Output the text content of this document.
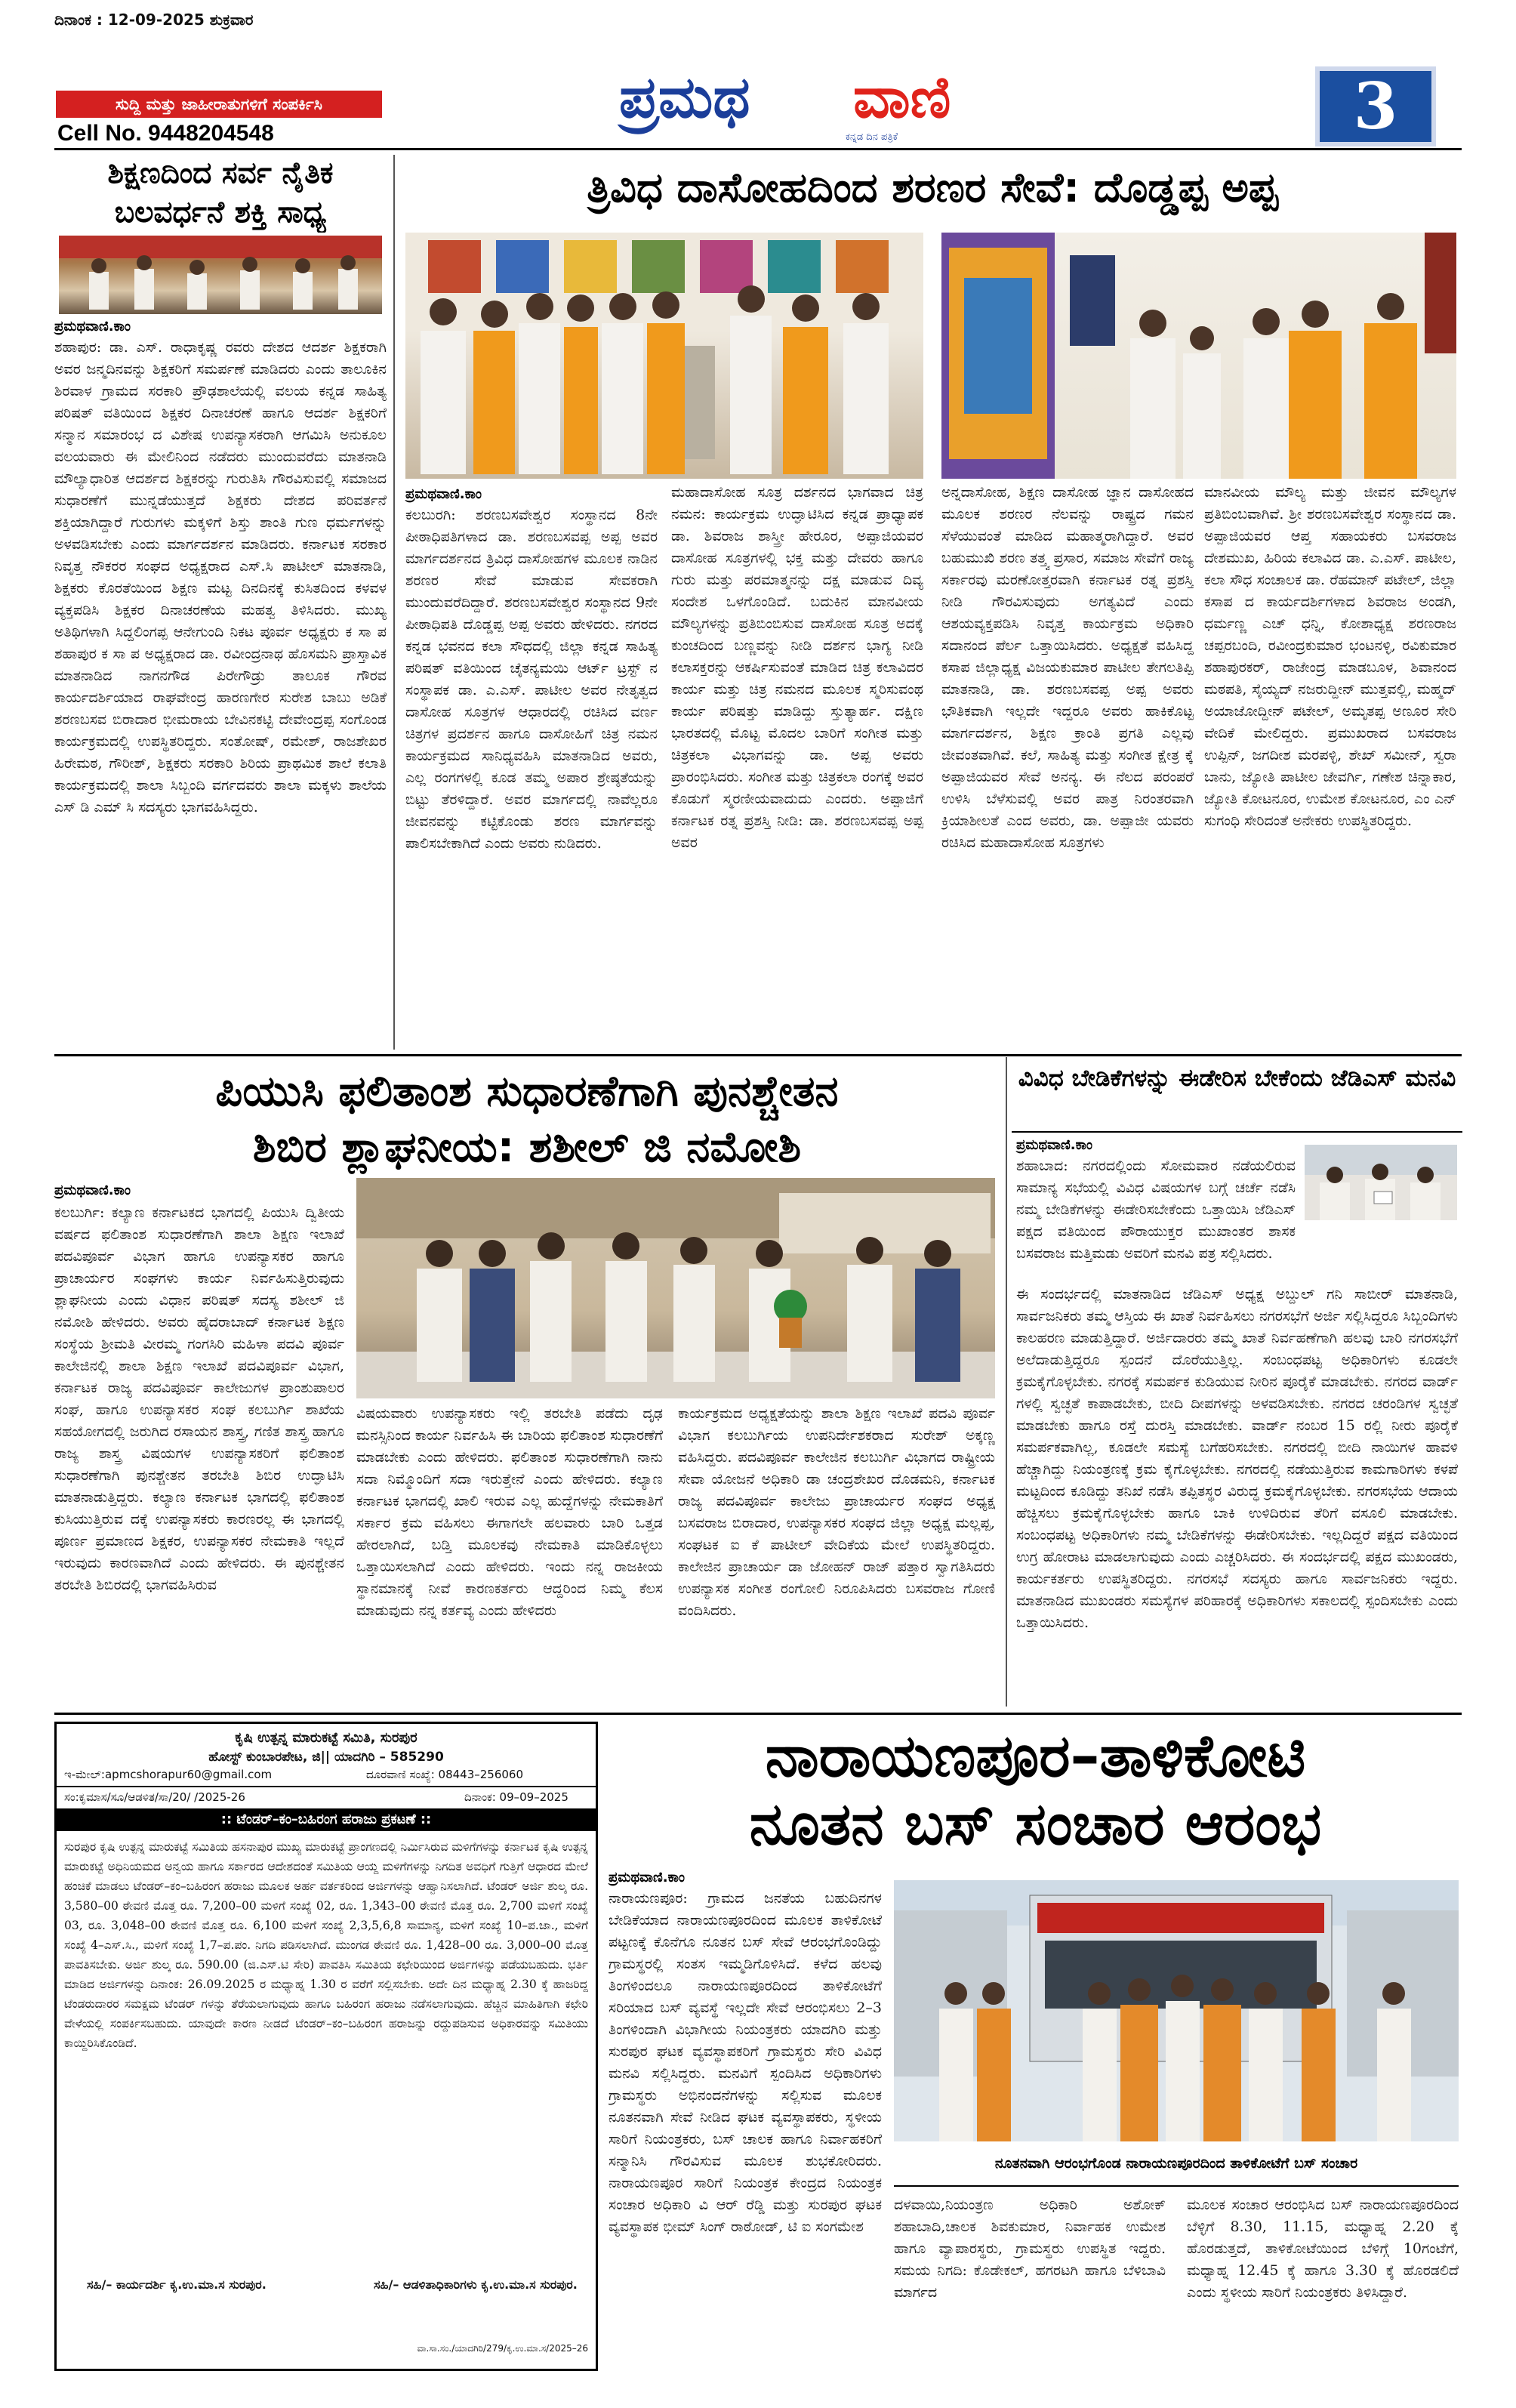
ದಿನಾಂಕ : 12-09-2025 ಶುಕ್ರವಾರ
ಸುದ್ದಿ ಮತ್ತು ಜಾಹೀರಾತುಗಳಿಗೆ ಸಂಪರ್ಕಿಸಿ
Cell No. 9448204548
ಪ್ರಮಥ ವಾಣಿ
ಕನ್ನಡ ದಿನ ಪತ್ರಿಕೆ	3
ಶಿಕ್ಷಣದಿಂದ ಸರ್ವ ನೈತಿಕ ಬಲವರ್ಧನೆ ಶಕ್ತಿ ಸಾಧ್ಯ
ಪ್ರಮಥವಾಣಿ.ಕಾಂ
ಶಹಾಪುರ: ಡಾ. ಎಸ್. ರಾಧಾಕೃಷ್ಣ ರವರು ದೇಶದ ಆದರ್ಶ ಶಿಕ್ಷಕರಾಗಿ ಅವರ ಜನ್ಮದಿನವನ್ನು ಶಿಕ್ಷಕರಿಗೆ ಸಮರ್ಪಣೆ ಮಾಡಿದರು ಎಂದು ತಾಲೂಕಿನ ಶಿರವಾಳ ಗ್ರಾಮದ ಸರಕಾರಿ ಪ್ರೌಢಶಾಲೆಯಲ್ಲಿ ವಲಯ ಕನ್ನಡ ಸಾಹಿತ್ಯ ಪರಿಷತ್ ವತಿಯಿಂದ ಶಿಕ್ಷಕರ ದಿನಾಚರಣೆ ಹಾಗೂ ಆದರ್ಶ ಶಿಕ್ಷಕರಿಗೆ ಸನ್ಮಾನ ಸಮಾರಂಭ ದ ವಿಶೇಷ ಉಪನ್ಯಾಸಕರಾಗಿ ಆಗಮಿಸಿ ಅನುಕೂಲ ವಲಯವಾರು ಈ ಮೇಲಿನಿಂದ ನಡೆದರು ಮುಂದುವರೆದು ಮಾತನಾಡಿ ಮೌಲ್ಯಾಧಾರಿತ ಆದರ್ಶದ ಶಿಕ್ಷಕರನ್ನು ಗುರುತಿಸಿ ಗೌರವಿಸುವಲ್ಲಿ ಸಮಾಜದ ಸುಧಾರಣೆಗೆ ಮುನ್ನಡೆಯುತ್ತದೆ ಶಿಕ್ಷಕರು ದೇಶದ ಪರಿವರ್ತನೆ ಶಕ್ತಿಯಾಗಿದ್ದಾರೆ ಗುರುಗಳು ಮಕ್ಕಳಿಗೆ ಶಿಸ್ತು ಶಾಂತಿ ಗುಣ ಧರ್ಮಗಳನ್ನು ಅಳವಡಿಸಬೇಕು ಎಂದು ಮಾರ್ಗದರ್ಶನ ಮಾಡಿದರು. ಕರ್ನಾಟಕ ಸರಕಾರ ನಿವೃತ್ತ ನೌಕರರ ಸಂಘದ ಅಧ್ಯಕ್ಷರಾದ ಎಸ್.ಸಿ ಪಾಟೀಲ್ ಮಾತನಾಡಿ, ಶಿಕ್ಷಕರು ಕೊರತೆಯಿಂದ ಶಿಕ್ಷಣ ಮಟ್ಟ ದಿನದಿನಕ್ಕೆ ಕುಸಿತದಿಂದ ಕಳವಳ ವ್ಯಕ್ತಪಡಿಸಿ ಶಿಕ್ಷಕರ ದಿನಾಚರಣೆಯ ಮಹತ್ವ ತಿಳಿಸಿದರು. ಮುಖ್ಯ ಅತಿಥಿಗಳಾಗಿ ಸಿದ್ದಲಿಂಗಪ್ಪ ಆನೇಗುಂದಿ ನಿಕಟ ಪೂರ್ವ ಅಧ್ಯಕ್ಷರು ಕ ಸಾ ಪ ಶಹಾಪುರ ಕ ಸಾ ಪ ಅಧ್ಯಕ್ಷರಾದ ಡಾ. ರವೀಂದ್ರನಾಥ ಹೊಸಮನಿ ಪ್ರಾಸ್ತಾವಿಕ ಮಾತನಾಡಿದ ನಾಗನಗೌಡ ಪಿರೇಗೌಡ್ರು ತಾಲೂಕ ಗೌರವ ಕಾರ್ಯದರ್ಶಿಯಾದ ರಾಘವೇಂದ್ರ ಹಾರಣಗೇರ ಸುರೇಶ ಬಾಬು ಅಡಿಕೆ ಶರಣಬಸವ ಬಿರಾದಾರ ಭೀಮರಾಯ ಬೇವಿನಕಟ್ಟಿ ದೇವೇಂದ್ರಪ್ಪ ಸಂಗೊಂಡ ಕಾರ್ಯಕ್ರಮದಲ್ಲಿ ಉಪಸ್ಥಿತರಿದ್ದರು. ಸಂತೋಷ್, ರಮೇಶ್, ರಾಜಶೇಖರ ಹಿರೇಮಠ, ಗೌರೀಶ್, ಶಿಕ್ಷಕರು ಸರಕಾರಿ ಶಿರಿಯ ಪ್ರಾಥಮಿಕ ಶಾಲೆ ಕಲಾತಿ ಕಾರ್ಯಕ್ರಮದಲ್ಲಿ ಶಾಲಾ ಸಿಬ್ಬಂದಿ ವರ್ಗದವರು ಶಾಲಾ ಮಕ್ಕಳು ಶಾಲೆಯ ಎಸ್ ಡಿ ಎಮ್ ಸಿ ಸದಸ್ಯರು ಭಾಗವಹಿಸಿದ್ದರು.
ತ್ರಿವಿಧ ದಾಸೋಹದಿಂದ ಶರಣರ ಸೇವೆ: ದೊಡ್ಡಪ್ಪ ಅಪ್ಪ
ಪ್ರಮಥವಾಣಿ.ಕಾಂ
ಕಲಬುರಗಿ: ಶರಣಬಸವೇಶ್ವರ ಸಂಸ್ಥಾನದ 8ನೇ ಪೀಠಾಧಿಪತಿಗಳಾದ ಡಾ. ಶರಣಬಸವಪ್ಪ ಅಪ್ಪ ಅವರ ಮಾರ್ಗದರ್ಶನದ ತ್ರಿವಿಧ ದಾಸೋಹಗಳ ಮೂಲಕ ನಾಡಿನ ಶರಣರ ಸೇವೆ ಮಾಡುವ ಸೇವಕರಾಗಿ ಮುಂದುವರೆದಿದ್ದಾರೆ. ಶರಣಬಸವೇಶ್ವರ ಸಂಸ್ಥಾನದ 9ನೇ ಪೀಠಾಧಿಪತಿ ದೊಡ್ಡಪ್ಪ ಅಪ್ಪ ಅವರು ಹೇಳಿದರು. ನಗರದ ಕನ್ನಡ ಭವನದ ಕಲಾ ಸೌಧದಲ್ಲಿ ಜಿಲ್ಲಾ ಕನ್ನಡ ಸಾಹಿತ್ಯ ಪರಿಷತ್ ವತಿಯಿಂದ ಚೈತನ್ಯಮಯಿ ಆರ್ಟ್ ಟ್ರಸ್ಟ್ ನ ಸಂಸ್ಥಾಪಕ ಡಾ. ಎ.ಎಸ್. ಪಾಟೀಲ ಅವರ ನೇತೃತ್ವದ ದಾಸೋಹ ಸೂತ್ರಗಳ ಆಧಾರದಲ್ಲಿ ರಚಿಸಿದ ವರ್ಣ ಚಿತ್ರಗಳ ಪ್ರದರ್ಶನ ಹಾಗೂ ದಾಸೋಹಿಗೆ ಚಿತ್ರ ನಮನ ಕಾರ್ಯಕ್ರಮದ ಸಾನಿಧ್ಯವಹಿಸಿ ಮಾತನಾಡಿದ ಅವರು, ಎಲ್ಲ ರಂಗಗಳಲ್ಲಿ ಕೂಡ ತಮ್ಮ ಅಪಾರ ಶ್ರೇಷ್ಠತೆಯನ್ನು ಬಿಟ್ಟು ತೆರಳಿದ್ದಾರೆ. ಅವರ ಮಾರ್ಗದಲ್ಲಿ ನಾವೆಲ್ಲರೂ ಜೀವನವನ್ನು ಕಟ್ಟಿಕೊಂಡು ಶರಣ ಮಾರ್ಗವನ್ನು ಪಾಲಿಸಬೇಕಾಗಿದೆ ಎಂದು ಅವರು ನುಡಿದರು.
ಮಹಾದಾಸೋಹ ಸೂತ್ರ ದರ್ಶನದ ಭಾಗವಾದ ಚಿತ್ರ ನಮನ: ಕಾರ್ಯಕ್ರಮ ಉದ್ಘಾಟಿಸಿದ ಕನ್ನಡ ಪ್ರಾಧ್ಯಾಪಕ ಡಾ. ಶಿವರಾಜ ಶಾಸ್ತ್ರೀ ಹೇರೂರ, ಅಪ್ಪಾಜಿಯವರ ದಾಸೋಹ ಸೂತ್ರಗಳಲ್ಲಿ ಭಕ್ತ ಮತ್ತು ದೇವರು ಹಾಗೂ ಗುರು ಮತ್ತು ಪರಮಾತ್ಮನನ್ನು ದಕ್ಷ ಮಾಡುವ ದಿವ್ಯ ಸಂದೇಶ ಒಳಗೊಂಡಿದೆ. ಬದುಕಿನ ಮಾನವೀಯ ಮೌಲ್ಯಗಳನ್ನು ಪ್ರತಿಬಿಂಬಿಸುವ ದಾಸೋಹ ಸೂತ್ರ ಅದಕ್ಕೆ ಕುಂಚದಿಂದ ಬಣ್ಣವನ್ನು ನೀಡಿ ದರ್ಶನ ಭಾಗ್ಯ ನೀಡಿ ಕಲಾಸಕ್ತರನ್ನು ಆಕರ್ಷಿಸುವಂತೆ ಮಾಡಿದ ಚಿತ್ರ ಕಲಾವಿದರ ಕಾರ್ಯ ಮತ್ತು ಚಿತ್ರ ನಮನದ ಮೂಲಕ ಸ್ಮರಿಸುವಂಥ ಕಾರ್ಯ ಪರಿಷತ್ತು ಮಾಡಿದ್ದು ಸ್ತುತ್ಯಾರ್ಹ. ದಕ್ಷಿಣ ಭಾರತದಲ್ಲಿ ಮೊಟ್ಟ ಮೊದಲ ಬಾರಿಗೆ ಸಂಗೀತ ಮತ್ತು ಚಿತ್ರಕಲಾ ವಿಭಾಗವನ್ನು ಡಾ. ಅಪ್ಪ ಅವರು ಪ್ರಾರಂಭಿಸಿದರು. ಸಂಗೀತ ಮತ್ತು ಚಿತ್ರಕಲಾ ರಂಗಕ್ಕೆ ಅವರ ಕೊಡುಗೆ ಸ್ಮರಣೀಯವಾದುದು ಎಂದರು. ಅಪ್ಪಾಜಿಗೆ ಕರ್ನಾಟಕ ರತ್ನ ಪ್ರಶಸ್ತಿ ನೀಡಿ: ಡಾ. ಶರಣಬಸವಪ್ಪ ಅಪ್ಪ ಅವರ
ಅನ್ನದಾಸೋಹ, ಶಿಕ್ಷಣ ದಾಸೋಹ ಜ್ಞಾನ ದಾಸೋಹದ ಮೂಲಕ ಶರಣರ ನೆಲವನ್ನು ರಾಷ್ಟ್ರದ ಗಮನ ಸೆಳೆಯುವಂತೆ ಮಾಡಿದ ಮಹಾತ್ಮರಾಗಿದ್ದಾರೆ. ಅವರ ಬಹುಮುಖಿ ಶರಣ ತತ್ತ್ವ ಪ್ರಸಾರ, ಸಮಾಜ ಸೇವೆಗೆ ರಾಜ್ಯ ಸರ್ಕಾರವು ಮರಣೋತ್ತರವಾಗಿ ಕರ್ನಾಟಕ ರತ್ನ ಪ್ರಶಸ್ತಿ ನೀಡಿ ಗೌರವಿಸುವುದು ಅಗತ್ಯವಿದೆ ಎಂದು ಆಶಯವ್ಯಕ್ತಪಡಿಸಿ ನಿವೃತ್ತ ಕಾರ್ಯಕ್ರಮ ಅಧಿಕಾರಿ ಸದಾನಂದ ಪೆರ್ಲ ಒತ್ತಾಯಿಸಿದರು. ಅಧ್ಯಕ್ಷತೆ ವಹಿಸಿದ್ದ ಕಸಾಪ ಜಿಲ್ಲಾಧ್ಯಕ್ಷ ವಿಜಯಕುಮಾರ ಪಾಟೀಲ ತೇಗಲತಿಪ್ಪಿ ಮಾತನಾಡಿ, ಡಾ. ಶರಣಬಸವಪ್ಪ ಅಪ್ಪ ಅವರು ಭೌತಿಕವಾಗಿ ಇಲ್ಲದೇ ಇದ್ದರೂ ಅವರು ಹಾಕಿಕೊಟ್ಟ ಮಾರ್ಗದರ್ಶನ, ಶಿಕ್ಷಣ ಕ್ರಾಂತಿ ಪ್ರಗತಿ ಎಲ್ಲವು ಜೀವಂತವಾಗಿವೆ. ಕಲೆ, ಸಾಹಿತ್ಯ ಮತ್ತು ಸಂಗೀತ ಕ್ಷೇತ್ರ ಕ್ಕೆ ಅಪ್ಪಾಜಿಯವರ ಸೇವೆ ಅನನ್ಯ. ಈ ನೆಲದ ಪರಂಪರೆ ಉಳಿಸಿ ಬೆಳೆಸುವಲ್ಲಿ ಅವರ ಪಾತ್ರ ನಿರಂತರವಾಗಿ ಕ್ರಿಯಾಶೀಲತೆ ಎಂದ ಅವರು, ಡಾ. ಅಪ್ಪಾಜೀ ಯವರು ರಚಿಸಿದ ಮಹಾದಾಸೋಹ ಸೂತ್ರಗಳು
ಮಾನವೀಯ ಮೌಲ್ಯ ಮತ್ತು ಜೀವನ ಮೌಲ್ಯಗಳ ಪ್ರತಿಬಿಂಬವಾಗಿವೆ. ಶ್ರೀ ಶರಣಬಸವೇಶ್ವರ ಸಂಸ್ಥಾನದ ಡಾ. ಅಪ್ಪಾಜಿಯವರ ಆಪ್ತ ಸಹಾಯಕರು ಬಸವರಾಜ ದೇಶಮುಖ, ಹಿರಿಯ ಕಲಾವಿದ ಡಾ. ಎ.ಎಸ್. ಪಾಟೀಲ, ಕಲಾ ಸೌಧ ಸಂಚಾಲಕ ಡಾ. ರೆಹಮಾನ್ ಪಟೇಲ್, ಜಿಲ್ಲಾ ಕಸಾಪ ದ ಕಾರ್ಯದರ್ಶಿಗಳಾದ ಶಿವರಾಜ ಅಂಡಗಿ, ಧರ್ಮಣ್ಣ ಎಚ್ ಧನ್ನಿ, ಕೋಶಾಧ್ಯಕ್ಷ ಶರಣರಾಜ ಚಪ್ಪರಬಂದಿ, ರವೀಂದ್ರಕುಮಾರ ಭಂಟನಳ್ಳಿ, ರವಿಕುಮಾರ ಶಹಾಪುರಕರ್, ರಾಜೇಂದ್ರ ಮಾಡಬೂಳ, ಶಿವಾನಂದ ಮಠಪತಿ, ಸೈಯ್ಯದ್ ನಜರುದ್ದೀನ್ ಮುತ್ತವಲ್ಲಿ, ಮಹ್ಮದ್ ಅಯಾಜೋದ್ದೀನ್ ಪಟೇಲ್, ಅಮೃತಪ್ಪ ಅಣೂರ ಸೇರಿ ವೇದಿಕೆ ಮೇಲಿದ್ದರು. ಪ್ರಮುಖರಾದ ಬಸವರಾಜ ಉಪ್ಪಿನ್, ಜಗದೀಶ ಮರಪಳ್ಳಿ, ಶೇಖ್ ಸಮೀನ್, ಸ್ವರಾ ಬಾನು, ಜ್ಯೋತಿ ಪಾಟೀಲ ಜೇವರ್ಗಿ, ಗಣೇಶ ಚಿನ್ನಾಕಾರ, ಜ್ಯೋತಿ ಕೋಟನೂರ, ಉಮೇಶ ಕೋಟನೂರ, ಎಂ ಎನ್ ಸುಗಂಧಿ ಸೇರಿದಂತೆ ಅನೇಕರು ಉಪಸ್ಥಿತರಿದ್ದರು.
ಪಿಯುಸಿ ಫಲಿತಾಂಶ ಸುಧಾರಣೆಗಾಗಿ ಪುನಶ್ಚೇತನ
ಶಿಬಿರ ಶ್ಲಾಘನೀಯ: ಶಶೀಲ್ ಜಿ ನಮೋಶಿ
ಪ್ರಮಥವಾಣಿ.ಕಾಂ
ಕಲಬುರ್ಗಿ: ಕಲ್ಯಾಣ ಕರ್ನಾಟಕದ ಭಾಗದಲ್ಲಿ ಪಿಯುಸಿ ದ್ವಿತೀಯ ವರ್ಷದ ಫಲಿತಾಂಶ ಸುಧಾರಣೆಗಾಗಿ ಶಾಲಾ ಶಿಕ್ಷಣ ಇಲಾಖೆ ಪದವಿಪೂರ್ವ ವಿಭಾಗ ಹಾಗೂ ಉಪನ್ಯಾಸಕರ ಹಾಗೂ ಪ್ರಾಚಾರ್ಯರ ಸಂಘಗಳು ಕಾರ್ಯ ನಿರ್ವಹಿಸುತ್ತಿರುವುದು ಶ್ಲಾಘನೀಯ ಎಂದು ವಿಧಾನ ಪರಿಷತ್ ಸದಸ್ಯ ಶಶೀಲ್ ಜಿ ನಮೋಶಿ ಹೇಳಿದರು. ಅವರು ಹೈದರಾಬಾದ್ ಕರ್ನಾಟಕ ಶಿಕ್ಷಣ ಸಂಸ್ಥೆಯ ಶ್ರೀಮತಿ ವೀರಮ್ಮ ಗಂಗಸಿರಿ ಮಹಿಳಾ ಪದವಿ ಪೂರ್ವ ಕಾಲೇಜಿನಲ್ಲಿ ಶಾಲಾ ಶಿಕ್ಷಣ ಇಲಾಖೆ ಪದವಿಪೂರ್ವ ವಿಭಾಗ, ಕರ್ನಾಟಕ ರಾಜ್ಯ ಪದವಿಪೂರ್ವ ಕಾಲೇಜುಗಳ ಪ್ರಾಂಶುಪಾಲರ ಸಂಘ, ಹಾಗೂ ಉಪನ್ಯಾಸಕರ ಸಂಘ ಕಲಬುರ್ಗಿ ಶಾಖೆಯ ಸಹಯೋಗದಲ್ಲಿ ಜರುಗಿದ ರಸಾಯನ ಶಾಸ್ತ್ರ, ಗಣಿತ ಶಾಸ್ತ್ರ ಹಾಗೂ ರಾಜ್ಯ ಶಾಸ್ತ್ರ ವಿಷಯಗಳ ಉಪನ್ಯಾಸಕರಿಗೆ ಫಲಿತಾಂಶ ಸುಧಾರಣೆಗಾಗಿ ಪುನಶ್ಚೇತನ ತರಬೇತಿ ಶಿಬಿರ ಉದ್ಘಾಟಿಸಿ ಮಾತನಾಡುತ್ತಿದ್ದರು. ಕಲ್ಯಾಣ ಕರ್ನಾಟಕ ಭಾಗದಲ್ಲಿ ಫಲಿತಾಂಶ ಕುಸಿಯುತ್ತಿರುವ ದಕ್ಕೆ ಉಪನ್ಯಾಸಕರು ಕಾರಣರಲ್ಲ ಈ ಭಾಗದಲ್ಲಿ ಪೂರ್ಣ ಪ್ರಮಾಣದ ಶಿಕ್ಷಕರ, ಉಪನ್ಯಾಸಕರ ನೇಮಕಾತಿ ಇಲ್ಲದೆ ಇರುವುದು ಕಾರಣವಾಗಿದೆ ಎಂದು ಹೇಳಿದರು. ಈ ಪುನಶ್ಚೇತನ ತರಬೇತಿ ಶಿಬಿರದಲ್ಲಿ ಭಾಗವಹಿಸಿರುವ
ವಿಷಯವಾರು ಉಪನ್ಯಾಸಕರು ಇಲ್ಲಿ ತರಬೇತಿ ಪಡೆದು ದೃಢ ಮನಸ್ಸಿನಿಂದ ಕಾರ್ಯ ನಿರ್ವಹಿಸಿ ಈ ಬಾರಿಯ ಫಲಿತಾಂಶ ಸುಧಾರಣೆಗೆ ಮಾಡಬೇಕು ಎಂದು ಹೇಳಿದರು. ಫಲಿತಾಂಶ ಸುಧಾರಣೆಗಾಗಿ ನಾನು ಸದಾ ನಿಮ್ಮೊಂದಿಗೆ ಸದಾ ಇರುತ್ತೇನೆ ಎಂದು ಹೇಳಿದರು. ಕಲ್ಯಾಣ ಕರ್ನಾಟಕ ಭಾಗದಲ್ಲಿ ಖಾಲಿ ಇರುವ ಎಲ್ಲ ಹುದ್ದೆಗಳನ್ನು ನೇಮಕಾತಿಗೆ ಸರ್ಕಾರ ಕ್ರಮ ವಹಿಸಲು ಈಗಾಗಲೇ ಹಲವಾರು ಬಾರಿ ಒತ್ತಡ ಹೇರಲಾಗಿದೆ, ಬಡ್ತಿ ಮೂಲಕವು ನೇಮಕಾತಿ ಮಾಡಿಕೊಳ್ಳಲು ಒತ್ತಾಯಿಸಲಾಗಿದೆ ಎಂದು ಹೇಳಿದರು. ಇಂದು ನನ್ನ ರಾಜಕೀಯ ಸ್ಥಾನಮಾನಕ್ಕೆ ನೀವೆ ಕಾರಣಕರ್ತರು ಆದ್ದರಿಂದ ನಿಮ್ಮ ಕೆಲಸ ಮಾಡುವುದು ನನ್ನ ಕರ್ತವ್ಯ ಎಂದು ಹೇಳಿದರು
ಕಾರ್ಯಕ್ರಮದ ಅಧ್ಯಕ್ಷತೆಯನ್ನು ಶಾಲಾ ಶಿಕ್ಷಣ ಇಲಾಖೆ ಪದವಿ ಪೂರ್ವ ವಿಭಾಗ ಕಲಬುರ್ಗಿಯ ಉಪನಿರ್ದೇಶಕರಾದ ಸುರೇಶ್ ಅಕ್ಕಣ್ಣ ವಹಿಸಿದ್ದರು. ಪದವಿಪೂರ್ವ ಕಾಲೇಜಿನ ಕಲಬುರ್ಗಿ ವಿಭಾಗದ ರಾಷ್ಟ್ರೀಯ ಸೇವಾ ಯೋಜನೆ ಅಧಿಕಾರಿ ಡಾ ಚಂದ್ರಶೇಖರ ದೊಡಮನಿ, ಕರ್ನಾಟಕ ರಾಜ್ಯ ಪದವಿಪೂರ್ವ ಕಾಲೇಜು ಪ್ರಾಚಾರ್ಯರ ಸಂಘದ ಅಧ್ಯಕ್ಷ ಬಸವರಾಜ ಬಿರಾದಾರ, ಉಪನ್ಯಾಸಕರ ಸಂಘದ ಜಿಲ್ಲಾ ಅಧ್ಯಕ್ಷ ಮಲ್ಲಪ್ಪ, ಸಂಘಟಕ ಐ ಕೆ ಪಾಟೀಲ್ ವೇದಿಕೆಯ ಮೇಲೆ ಉಪಸ್ಥಿತರಿದ್ದರು. ಕಾಲೇಜಿನ ಪ್ರಾಚಾರ್ಯ ಡಾ ಜೋಹನ್ ರಾಜ್ ಪತ್ತಾರ ಸ್ವಾಗತಿಸಿದರು ಉಪನ್ಯಾಸಕ ಸಂಗೀತ ರಂಗೋಲಿ ನಿರೂಪಿಸಿದರು ಬಸವರಾಜ ಗೋಣಿ ವಂದಿಸಿದರು.
ವಿವಿಧ ಬೇಡಿಕೆಗಳನ್ನು ಈಡೇರಿಸ ಬೇಕೆಂದು ಜೆಡಿಎಸ್ ಮನವಿ
ಪ್ರಮಥವಾಣಿ.ಕಾಂ
ಶಹಾಬಾದ: ನಗರದಲ್ಲಿಂದು ಸೋಮವಾರ ನಡೆಯಲಿರುವ ಸಾಮಾನ್ಯ ಸಭೆಯಲ್ಲಿ ವಿವಿಧ ವಿಷಯಗಳ ಬಗ್ಗೆ ಚರ್ಚೆ ನಡೆಸಿ ನಮ್ಮ ಬೇಡಿಕೆಗಳನ್ನು ಈಡೇರಿಸಬೇಕೆಂದು ಒತ್ತಾಯಿಸಿ ಜೆಡಿಎಸ್ ಪಕ್ಷದ ವತಿಯಿಂದ ಪೌರಾಯುಕ್ತರ ಮುಖಾಂತರ ಶಾಸಕ ಬಸವರಾಜ ಮತ್ತಿಮಡು ಅವರಿಗೆ ಮನವಿ ಪತ್ರ ಸಲ್ಲಿಸಿದರು.
ಈ ಸಂದರ್ಭದಲ್ಲಿ ಮಾತನಾಡಿದ ಜೆಡಿಎಸ್ ಅಧ್ಯಕ್ಷ ಅಬ್ದುಲ್ ಗನಿ ಸಾಬೀರ್ ಮಾತನಾಡಿ, ಸಾರ್ವಜನಿಕರು ತಮ್ಮ ಆಸ್ತಿಯ ಈ ಖಾತೆ ನಿರ್ವಹಿಸಲು ನಗರಸಭೆಗೆ ಅರ್ಜಿ ಸಲ್ಲಿಸಿದ್ದರೂ ಸಿಬ್ಬಂದಿಗಳು ಕಾಲಹರಣ ಮಾಡುತ್ತಿದ್ದಾರೆ. ಅರ್ಜಿದಾರರು ತಮ್ಮ ಖಾತೆ ನಿರ್ವಹಣೆಗಾಗಿ ಹಲವು ಬಾರಿ ನಗರಸಭೆಗೆ ಅಲೆದಾಡುತ್ತಿದ್ದರೂ ಸ್ಪಂದನೆ ದೊರೆಯುತ್ತಿಲ್ಲ. ಸಂಬಂಧಪಟ್ಟ ಅಧಿಕಾರಿಗಳು ಕೂಡಲೇ ಕ್ರಮಕೈಗೊಳ್ಳಬೇಕು. ನಗರಕ್ಕೆ ಸಮರ್ಪಕ ಕುಡಿಯುವ ನೀರಿನ ಪೂರೈಕೆ ಮಾಡಬೇಕು. ನಗರದ ವಾರ್ಡ್ ಗಳಲ್ಲಿ ಸ್ವಚ್ಛತೆ ಕಾಪಾಡಬೇಕು, ಬೀದಿ ದೀಪಗಳನ್ನು ಅಳವಡಿಸಬೇಕು. ನಗರದ ಚರಂಡಿಗಳ ಸ್ವಚ್ಛತೆ ಮಾಡಬೇಕು ಹಾಗೂ ರಸ್ತೆ ದುರಸ್ತಿ ಮಾಡಬೇಕು. ವಾರ್ಡ್ ನಂಬರ 15 ರಲ್ಲಿ ನೀರು ಪೂರೈಕೆ ಸಮರ್ಪಕವಾಗಿಲ್ಲ, ಕೂಡಲೇ ಸಮಸ್ಯೆ ಬಗೆಹರಿಸಬೇಕು. ನಗರದಲ್ಲಿ ಬೀದಿ ನಾಯಿಗಳ ಹಾವಳಿ ಹೆಚ್ಚಾಗಿದ್ದು ನಿಯಂತ್ರಣಕ್ಕೆ ಕ್ರಮ ಕೈಗೊಳ್ಳಬೇಕು. ನಗರದಲ್ಲಿ ನಡೆಯುತ್ತಿರುವ ಕಾಮಗಾರಿಗಳು ಕಳಪೆ ಮಟ್ಟದಿಂದ ಕೂಡಿದ್ದು ತನಿಖೆ ನಡೆಸಿ ತಪ್ಪಿತಸ್ಥರ ವಿರುದ್ಧ ಕ್ರಮಕೈಗೊಳ್ಳಬೇಕು. ನಗರಸಭೆಯ ಆದಾಯ ಹೆಚ್ಚಿಸಲು ಕ್ರಮಕೈಗೊಳ್ಳಬೇಕು ಹಾಗೂ ಬಾಕಿ ಉಳಿದಿರುವ ತೆರಿಗೆ ವಸೂಲಿ ಮಾಡಬೇಕು. ಸಂಬಂಧಪಟ್ಟ ಅಧಿಕಾರಿಗಳು ನಮ್ಮ ಬೇಡಿಕೆಗಳನ್ನು ಈಡೇರಿಸಬೇಕು. ಇಲ್ಲದಿದ್ದರೆ ಪಕ್ಷದ ವತಿಯಿಂದ ಉಗ್ರ ಹೋರಾಟ ಮಾಡಲಾಗುವುದು ಎಂದು ಎಚ್ಚರಿಸಿದರು. ಈ ಸಂದರ್ಭದಲ್ಲಿ ಪಕ್ಷದ ಮುಖಂಡರು, ಕಾರ್ಯಕರ್ತರು ಉಪಸ್ಥಿತರಿದ್ದರು. ನಗರಸಭೆ ಸದಸ್ಯರು ಹಾಗೂ ಸಾರ್ವಜನಿಕರು ಇದ್ದರು. ಮಾತನಾಡಿದ ಮುಖಂಡರು ಸಮಸ್ಯೆಗಳ ಪರಿಹಾರಕ್ಕೆ ಅಧಿಕಾರಿಗಳು ಸಕಾಲದಲ್ಲಿ ಸ್ಪಂದಿಸಬೇಕು ಎಂದು ಒತ್ತಾಯಿಸಿದರು.
ಕೃಷಿ ಉತ್ಪನ್ನ ಮಾರುಕಟ್ಟೆ ಸಮಿತಿ, ಸುರಪುರ
ಹೋಸ್ಟ್ ಕುಂಬಾರಪೇಟ, ಜಿ|| ಯಾದಗಿರಿ – 585290
ಇ-ಮೇಲ್:apmcshorapur60@gmail.com	ದೂರವಾಣಿ ಸಂಖ್ಯೆ: 08443–256060
ಸಂ:ಕೃಮಾಸ/ಸೂ/ಆಡಳಿತ/ಸಾ/20/ /2025-26	ದಿನಾಂಕ: 09–09–2025
:: ಟೆಂಡರ್–ಕಂ–ಬಹಿರಂಗ ಹರಾಜು ಪ್ರಕಟಣೆ ::
ಸುರಪುರ ಕೃಷಿ ಉತ್ಪನ್ನ ಮಾರುಕಟ್ಟೆ ಸಮಿತಿಯ ಹಸನಾಪುರ ಮುಖ್ಯ ಮಾರುಕಟ್ಟೆ ಪ್ರಾಂಗಣದಲ್ಲಿ ನಿರ್ಮಿಸಿರುವ ಮಳಿಗೆಗಳನ್ನು ಕರ್ನಾಟಕ ಕೃಷಿ ಉತ್ಪನ್ನ ಮಾರುಕಟ್ಟೆ ಅಧಿನಿಯಮದ ಅನ್ವಯ ಹಾಗೂ ಸರ್ಕಾರದ ಆದೇಶದಂತೆ ಸಮಿತಿಯ ಆಯ್ದ ಮಳಿಗೆಗಳನ್ನು ನಿಗದಿತ ಅವಧಿಗೆ ಗುತ್ತಿಗೆ ಆಧಾರದ ಮೇಲೆ ಹಂಚಿಕೆ ಮಾಡಲು ಟೆಂಡರ್–ಕಂ–ಬಹಿರಂಗ ಹರಾಜು ಮೂಲಕ ಅರ್ಹ ವರ್ತಕರಿಂದ ಅರ್ಜಿಗಳನ್ನು ಆಹ್ವಾನಿಸಲಾಗಿದೆ. ಟೆಂಡರ್ ಅರ್ಜಿ ಶುಲ್ಕ ರೂ. 3,580–00 ಠೇವಣಿ ಮೊತ್ತ ರೂ. 7,200–00 ಮಳಿಗೆ ಸಂಖ್ಯೆ 02, ರೂ. 1,343–00 ಠೇವಣಿ ಮೊತ್ತ ರೂ. 2,700 ಮಳಿಗೆ ಸಂಖ್ಯೆ 03, ರೂ. 3,048–00 ಠೇವಣಿ ಮೊತ್ತ ರೂ. 6,100 ಮಳಿಗೆ ಸಂಖ್ಯೆ 2,3,5,6,8 ಸಾಮಾನ್ಯ, ಮಳಿಗೆ ಸಂಖ್ಯೆ 10–ಪ.ಜಾ., ಮಳಿಗೆ ಸಂಖ್ಯೆ 4–ಎಸ್.ಸಿ., ಮಳಿಗೆ ಸಂಖ್ಯೆ 1,7–ಪ.ಪಂ. ನಿಗದಿ ಪಡಿಸಲಾಗಿದೆ. ಮುಂಗಡ ಠೇವಣಿ ರೂ. 1,428–00 ರೂ. 3,000–00 ಮೊತ್ತ ಪಾವತಿಸಬೇಕು. ಅರ್ಜಿ ಶುಲ್ಕ ರೂ. 590.00 (ಜಿ.ಎಸ್.ಟಿ ಸೇರಿ) ಪಾವತಿಸಿ ಸಮಿತಿಯ ಕಛೇರಿಯಿಂದ ಅರ್ಜಿಗಳನ್ನು ಪಡೆಯಬಹುದು. ಭರ್ತಿ ಮಾಡಿದ ಅರ್ಜಿಗಳನ್ನು ದಿನಾಂಕ: 26.09.2025 ರ ಮಧ್ಯಾಹ್ನ 1.30 ರ ವರೆಗೆ ಸಲ್ಲಿಸಬೇಕು. ಅದೇ ದಿನ ಮಧ್ಯಾಹ್ನ 2.30 ಕ್ಕೆ ಹಾಜರಿದ್ದ ಟೆಂಡರುದಾರರ ಸಮಕ್ಷಮ ಟೆಂಡರ್ ಗಳನ್ನು ತೆರೆಯಲಾಗುವುದು ಹಾಗೂ ಬಹಿರಂಗ ಹರಾಜು ನಡೆಸಲಾಗುವುದು. ಹೆಚ್ಚಿನ ಮಾಹಿತಿಗಾಗಿ ಕಛೇರಿ ವೇಳೆಯಲ್ಲಿ ಸಂಪರ್ಕಿಸಬಹುದು. ಯಾವುದೇ ಕಾರಣ ನೀಡದೆ ಟೆಂಡರ್–ಕಂ–ಬಹಿರಂಗ ಹರಾಜನ್ನು ರದ್ದುಪಡಿಸುವ ಅಧಿಕಾರವನ್ನು ಸಮಿತಿಯು ಕಾಯ್ದಿರಿಸಿಕೊಂಡಿದೆ.
ಸಹಿ/– ಕಾರ್ಯದರ್ಶಿ ಕೃ.ಉ.ಮಾ.ಸ ಸುರಪುರ.	ಸಹಿ/– ಆಡಳಿತಾಧಿಕಾರಿಗಳು ಕೃ.ಉ.ಮಾ.ಸ ಸುರಪುರ.
ವಾ.ಸಾ.ಸಂ./ಯಾದಗಿರಿ/279/ಕೃ.ಉ.ಮಾ.ಸ/2025–26
ನಾರಾಯಣಪೂರ–ತಾಳಿಕೋಟಿ
ನೂತನ ಬಸ್ ಸಂಚಾರ ಆರಂಭ
ಪ್ರಮಥವಾಣಿ.ಕಾಂ
ನಾರಾಯಣಪೂರ: ಗ್ರಾಮದ ಜನತೆಯ ಬಹುದಿನಗಳ ಬೇಡಿಕೆಯಾದ ನಾರಾಯಣಪೂರದಿಂದ ಮೂಲಕ ತಾಳಿಕೋಟೆ ಪಟ್ಟಣಕ್ಕೆ ಕೊನೆಗೂ ನೂತನ ಬಸ್ ಸೇವೆ ಆರಂಭಗೊಂಡಿದ್ದು ಗ್ರಾಮಸ್ಥರಲ್ಲಿ ಸಂತಸ ಇಮ್ಮಡಿಗೊಳಿಸಿದೆ. ಕಳೆದ ಹಲವು ತಿಂಗಳಿಂದಲೂ ನಾರಾಯಣಪೂರದಿಂದ ತಾಳಿಕೋಟೆಗೆ ಸರಿಯಾದ ಬಸ್ ವ್ಯವಸ್ಥೆ ಇಲ್ಲದೇ ಸೇವೆ ಆರಂಭಿಸಲು 2–3 ತಿಂಗಳಿಂದಾಗಿ ವಿಭಾಗೀಯ ನಿಯಂತ್ರಕರು ಯಾದಗಿರಿ ಮತ್ತು ಸುರಪುರ ಘಟಕ ವ್ಯವಸ್ಥಾಪಕರಿಗೆ ಗ್ರಾಮಸ್ಥರು ಸೇರಿ ವಿವಿಧ ಮನವಿ ಸಲ್ಲಿಸಿದ್ದರು. ಮನವಿಗೆ ಸ್ಪಂದಿಸಿದ ಅಧಿಕಾರಿಗಳು ಗ್ರಾಮಸ್ಥರು ಅಭಿನಂದನೆಗಳನ್ನು ಸಲ್ಲಿಸುವ ಮೂಲಕ ನೂತನವಾಗಿ ಸೇವೆ ನೀಡಿದ ಘಟಕ ವ್ಯವಸ್ಥಾಪಕರು, ಸ್ಥಳೀಯ ಸಾರಿಗೆ ನಿಯಂತ್ರಕರು, ಬಸ್ ಚಾಲಕ ಹಾಗೂ ನಿರ್ವಾಹಕರಿಗೆ ಸನ್ಮಾನಿಸಿ ಗೌರವಿಸುವ ಮೂಲಕ ಶುಭಕೋರಿದರು. ನಾರಾಯಣಪೂರ ಸಾರಿಗೆ ನಿಯಂತ್ರಕ ಕೇಂದ್ರದ ನಿಯಂತ್ರಕ ಸಂಚಾರ ಅಧಿಕಾರಿ ವಿ ಆರ್ ರೆಡ್ಡಿ ಮತ್ತು ಸುರಪುರ ಘಟಕ ವ್ಯವಸ್ಥಾಪಕ ಭೀಮ್ ಸಿಂಗ್ ರಾಠೋಡ್, ಟಿ ಐ ಸಂಗಮೇಶ
ನೂತನವಾಗಿ ಆರಂಭಗೊಂಡ ನಾರಾಯಣಪೂರದಿಂದ ತಾಳಿಕೋಟೆಗೆ ಬಸ್ ಸಂಚಾರ
ದಳವಾಯಿ,ನಿಯಂತ್ರಣ ಅಧಿಕಾರಿ ಅಶೋಕ್ ಶಹಾಬಾದಿ,ಚಾಲಕ ಶಿವಕುಮಾರ, ನಿರ್ವಾಹಕ ಉಮೇಶ ಹಾಗೂ ವ್ಯಾಪಾರಸ್ಥರು, ಗ್ರಾಮಸ್ಥರು ಉಪಸ್ಥಿತ ಇದ್ದರು. ಸಮಯ ನಿಗದಿ: ಕೊಡೇಕಲ್, ಹಗರಟಗಿ ಹಾಗೂ ಬೆಳಿಬಾವಿ ಮಾರ್ಗದ
ಮೂಲಕ ಸಂಚಾರ ಆರಂಭಿಸಿದ ಬಸ್ ನಾರಾಯಣಪೂರದಿಂದ ಬೆಳ್ಳಿಗೆ 8.30, 11.15, ಮಧ್ಯಾಹ್ನ 2.20 ಕ್ಕೆ ಹೊರಡುತ್ತದೆ, ತಾಳಿಕೋಟೆಯಿಂದ ಬೆಳಿಗ್ಗೆ 10ಗಂಟೆಗೆ, ಮಧ್ಯಾಹ್ನ 12.45 ಕ್ಕೆ ಹಾಗೂ 3.30 ಕ್ಕೆ ಹೊರಡಲಿದೆ ಎಂದು ಸ್ಥಳೀಯ ಸಾರಿಗೆ ನಿಯಂತ್ರಕರು ತಿಳಿಸಿದ್ದಾರೆ.
